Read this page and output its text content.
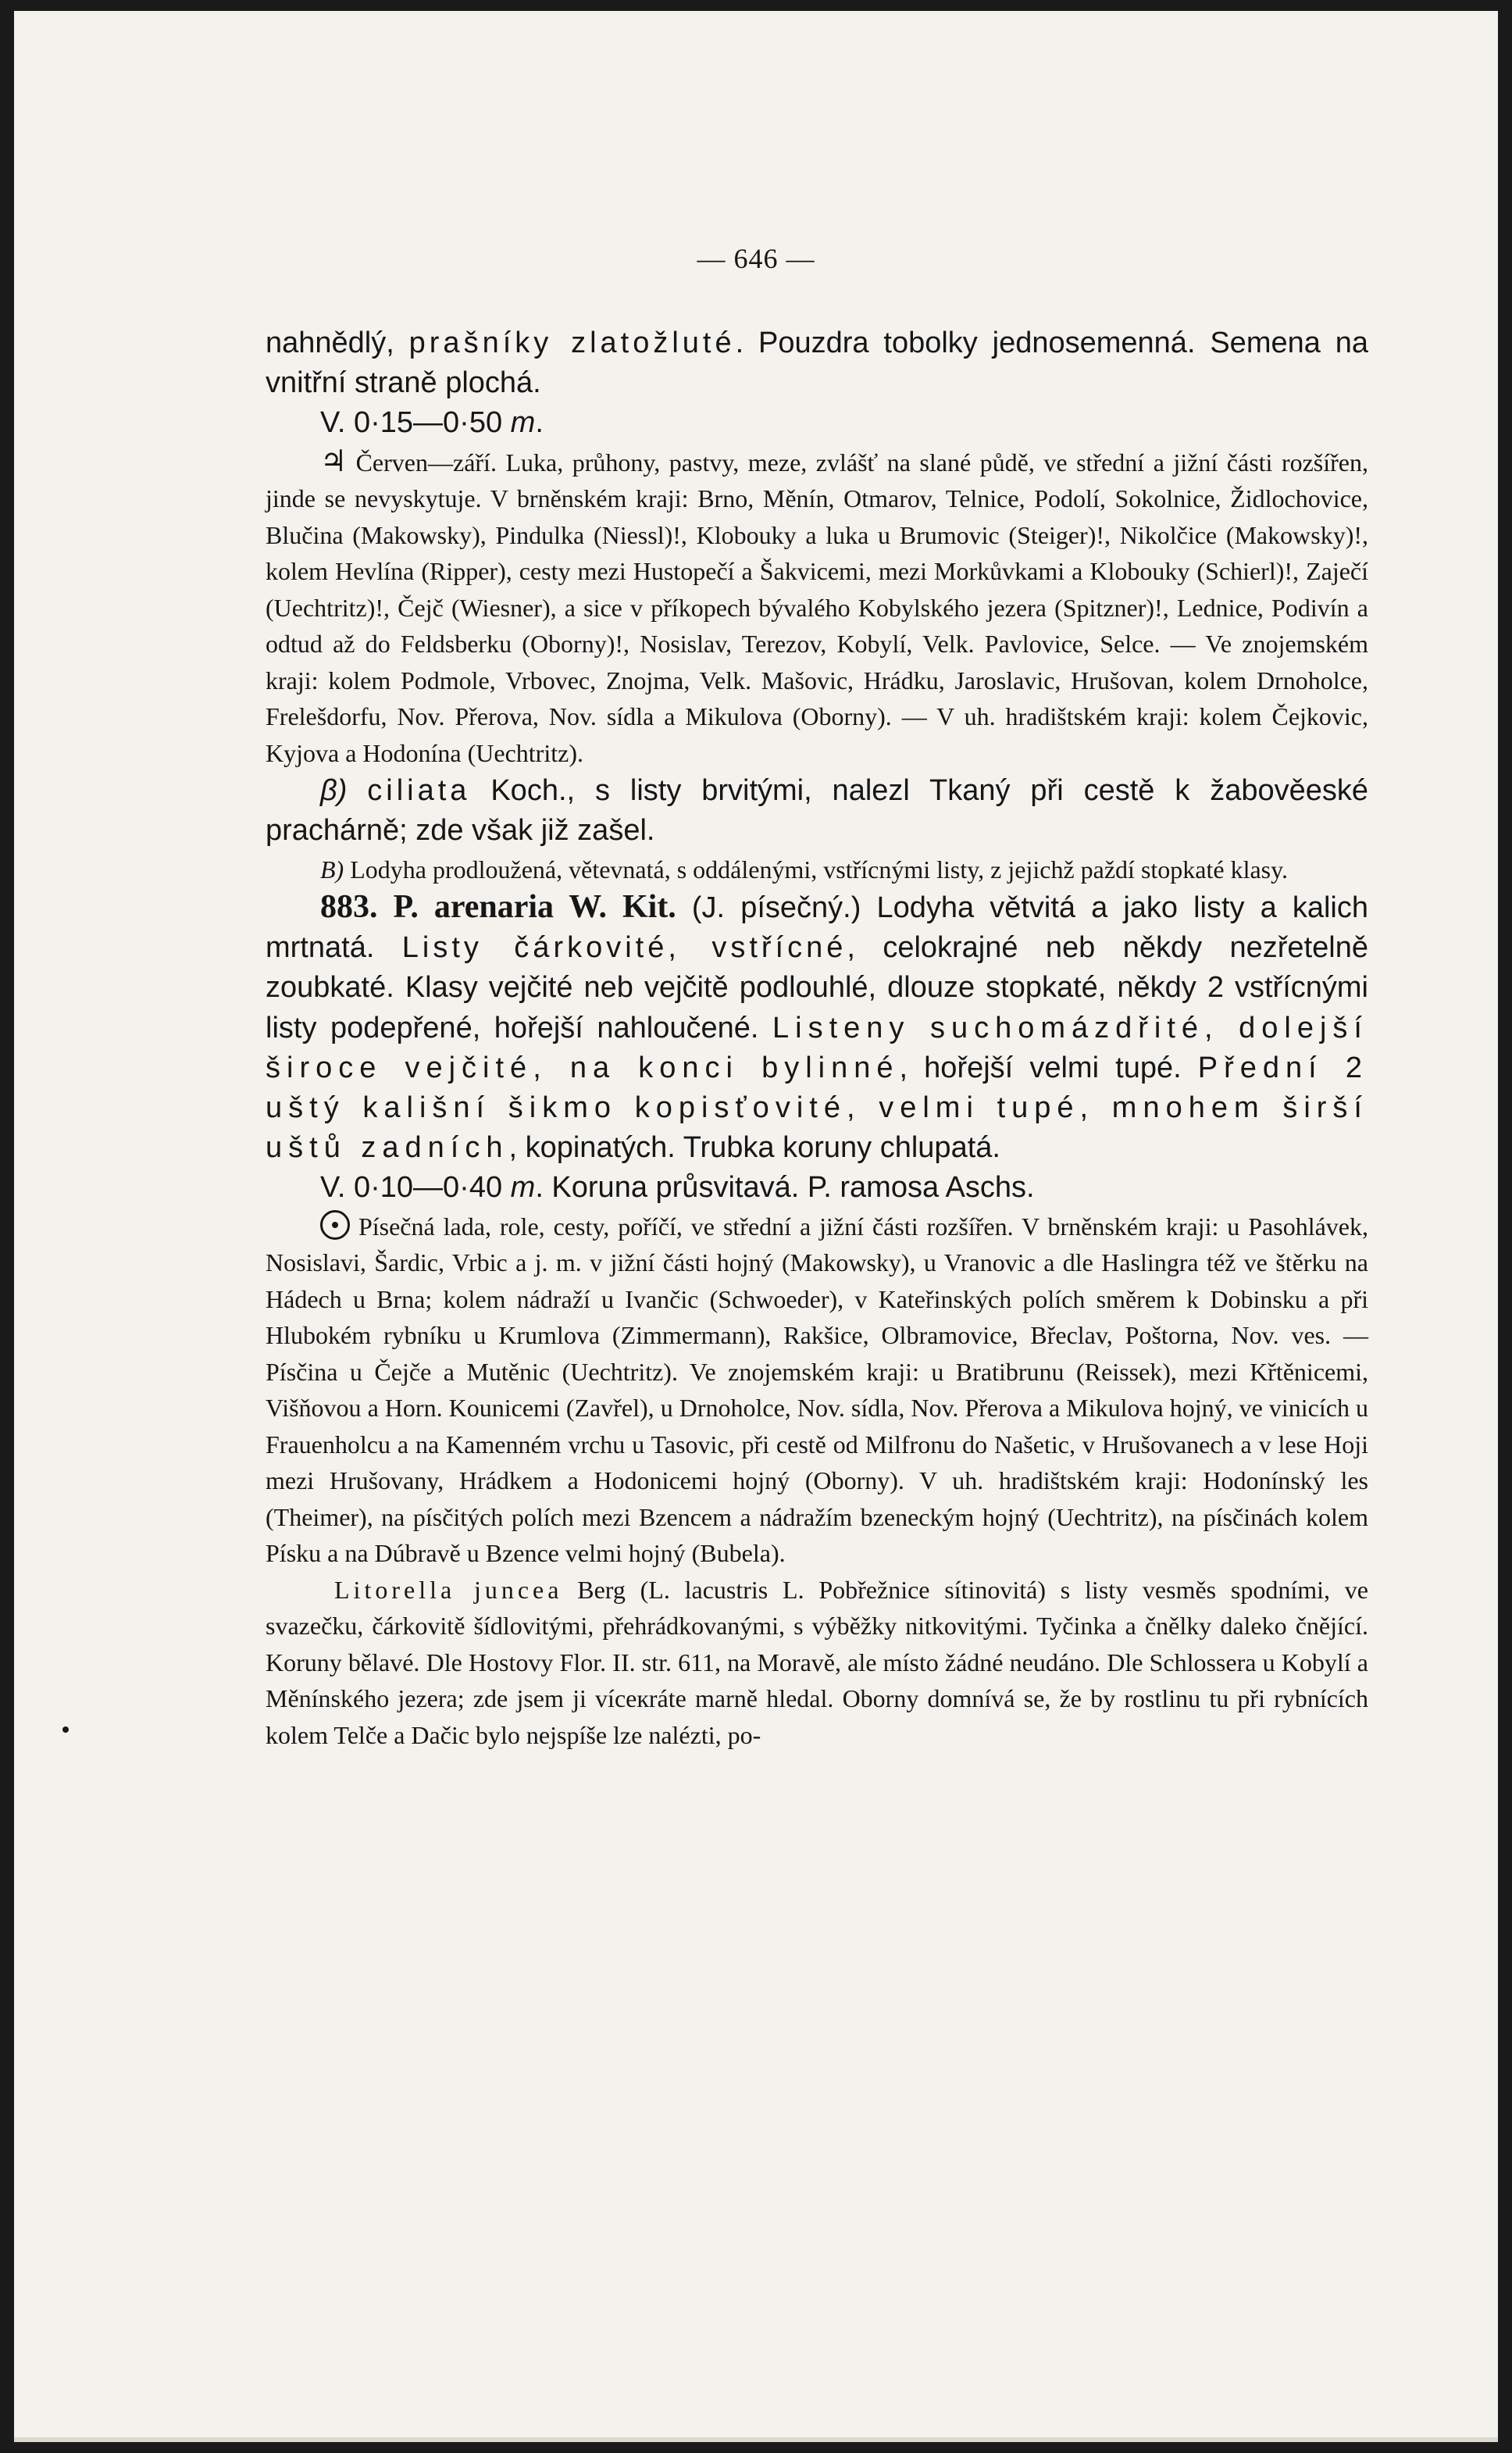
— 646 —

nahnědlý, prašníky zlatožluté. Pouzdra tobolky jednosemenná. Semena na vnitřní straně plochá.

V. 0·15—0·50 m.

♃ Červen—září. Luka, průhony, pastvy, meze, zvlášť na slané půdě, ve střední a jižní části rozšířen, jinde se nevyskytuje. V brněnském kraji: Brno, Měnín, Otmarov, Telnice, Podolí, Sokolnice, Židlochovice, Blučina (Makowsky), Pindulka (Niessl)!, Klobouky a luka u Brumovic (Steiger)!, Nikolčice (Makowsky)!, kolem Hevlína (Ripper), cesty mezi Hustopečí a Šakvicemi, mezi Morkůvkami a Klobouky (Schierl)!, Zaječí (Uechtritz)!, Čejč (Wiesner), a sice v příkopech bývalého Kobylského jezera (Spitzner)!, Lednice, Podivín a odtud až do Feldsberku (Oborny)!, Nosislav, Terezov, Kobylí, Velk. Pavlovice, Selce. — Ve znojemském kraji: kolem Podmole, Vrbovec, Znojma, Velk. Mašovic, Hrádku, Jaroslavic, Hrušovan, kolem Drnoholce, Frelešdorfu, Nov. Přerova, Nov. sídla a Mikulova (Oborny). — V uh. hradištském kraji: kolem Čejkovic, Kyjova a Hodonína (Uechtritz).

β) ciliata Koch., s listy brvitými, nalezl Tkaný při cestě k žabověeské prachárně; zde však již zašel.

B) Lodyha prodloužená, větevnatá, s oddálenými, vstřícnými listy, z jejichž paždí stopkaté klasy.

883. P. arenaria W. Kit. (J. písečný.) Lodyha větvitá a jako listy a kalich mrtnatá. Listy čárkovité, vstřícné, celokrajné neb někdy nezřetelně zoubkaté. Klasy vejčité neb vejčitě podlouhlé, dlouze stopkaté, někdy 2 vstřícnými listy podepřené, hořejší nahloučené. Listeny suchomázdřité, dolejší široce vejčité, na konci bylinné, hořejší velmi tupé. Přední 2 uštý kališní šikmo kopisťovité, velmi tupé, mnohem širší uštů zadních, kopinatých. Trubka koruny chlupatá.

V. 0·10—0·40 m. Koruna průsvitavá. P. ramosa Aschs.

Písečná lada, role, cesty, poříčí, ve střední a jižní části rozšířen. V brněnském kraji: u Pasohlávek, Nosislavi, Šardic, Vrbic a j. m. v jižní části hojný (Makowsky), u Vranovic a dle Haslingra též ve štěrku na Hádech u Brna; kolem nádraží u Ivančic (Schwoeder), v Kateřinských polích směrem k Dobinsku a při Hlubokém rybníku u Krumlova (Zimmermann), Rakšice, Olbramovice, Břeclav, Poštorna, Nov. ves. — Písčina u Čejče a Mutěnic (Uechtritz). Ve znojemském kraji: u Bratibrunu (Reissek), mezi Křtěnicemi, Višňovou a Horn. Kounicemi (Zavřel), u Drnoholce, Nov. sídla, Nov. Přerova a Mikulova hojný, ve vinicích u Frauenholcu a na Kamenném vrchu u Tasovic, při cestě od Milfronu do Našetic, v Hrušovanech a v lese Hoji mezi Hrušovany, Hrádkem a Hodonicemi hojný (Oborny). V uh. hradištském kraji: Hodonínský les (Theimer), na písčitých polích mezi Bzencem a nádražím bzeneckým hojný (Uechtritz), na písčinách kolem Písku a na Dúbravě u Bzence velmi hojný (Bubela).

Litorella juncea Berg (L. lacustris L. Pobřežnice sítinovitá) s listy vesměs spodními, ve svazečku, čárkovitě šídlovitými, přehrádkovanými, s výběžky nitkovitými. Tyčinka a čnělky daleko čnějící. Koruny bělavé. Dle Hostovy Flor. II. str. 611, na Moravě, ale místo žádné neudáno. Dle Schlossera u Kobylí a Měnínského jezera; zde jsem ji víceкráte marně hledal. Oborny domnívá se, že by rostlinu tu při rybnících kolem Telče a Dačic bylo nejspíše lze nalézti, po-
